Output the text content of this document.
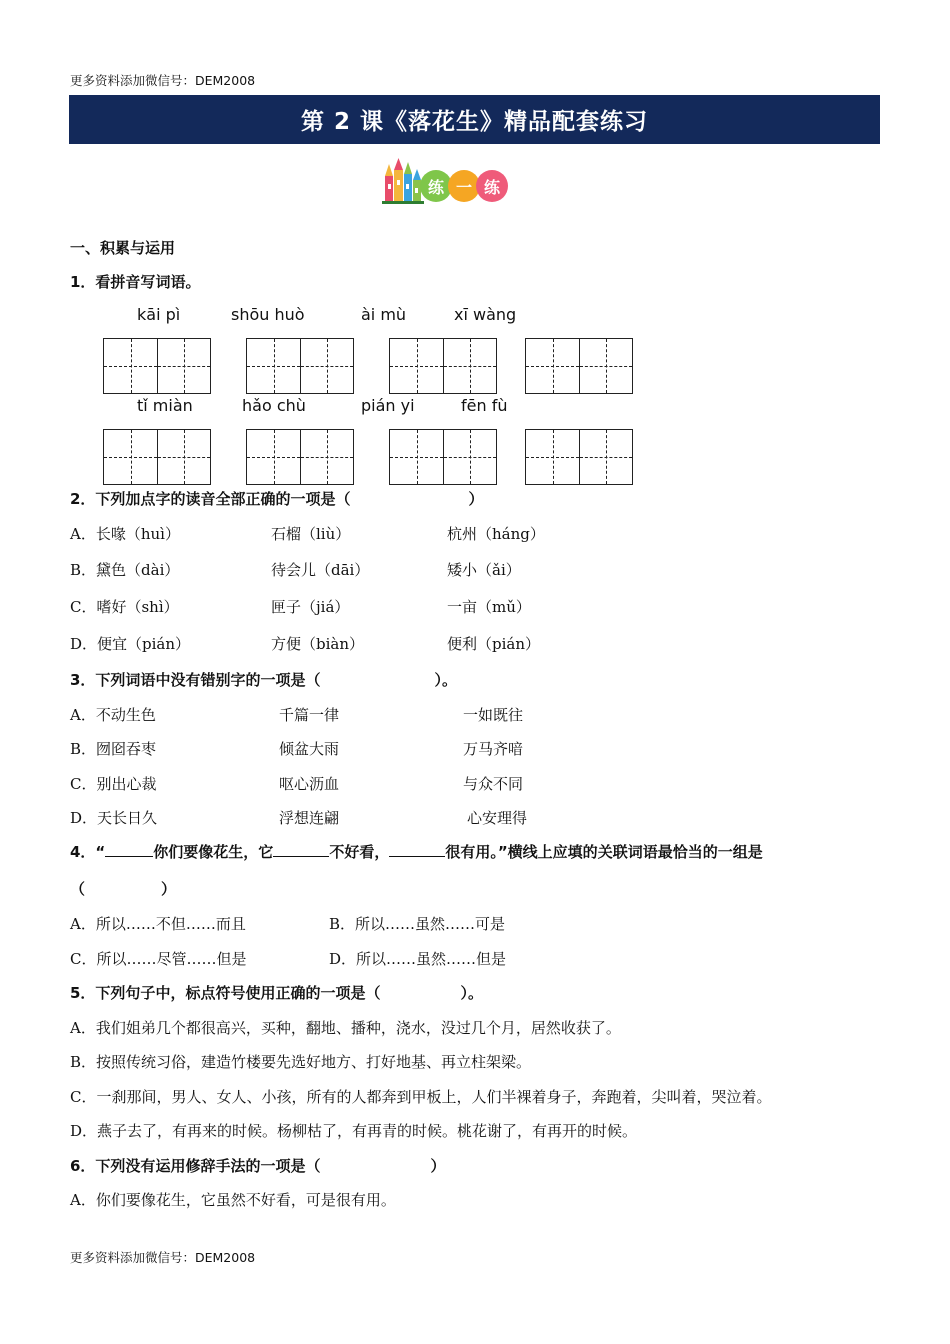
更多资料添加微信号：DEM2008
第 2 课《落花生》精品配套练习
练 一 练
一、积累与运用
1．看拼音写词语。
kāi pì	shōu huò	ài mù	xī wàng
tǐ miàn	hǎo chù	pián yi	fēn fù
2．下列加点字的读音全部正确的一项是（	）
A．长喙（huì）	石榴（liù）	杭州（háng）
B．黛色（dài）	待会儿（dāi）	矮小（ǎi）
C．嗜好（shì）	匣子（jiá）	一亩（mǔ）
D．便宜（pián）	方便（biàn）	便利（pián）
3．下列词语中没有错别字的一项是（	）。
A．不动生色	千篇一律	一如既往
B．囫囵吞枣	倾盆大雨	万马齐喑
C．别出心裁	呕心沥血	与众不同
D．天长日久	浮想连翩	心安理得
4．“	你们要像花生，它	不好看，	很有用。”横线上应填的关联词语最恰当的一组是
（	）
A．所以……不但……而且	B．所以……虽然……可是
C．所以……尽管……但是	D．所以……虽然……但是
5．下列句子中，标点符号使用正确的一项是（	）。
A．我们姐弟几个都很高兴，买种，翻地、播种，浇水，没过几个月，居然收获了。
B．按照传统习俗，建造竹楼要先选好地方、打好地基、再立柱架梁。
C．一刹那间，男人、女人、小孩，所有的人都奔到甲板上，人们半裸着身子，奔跑着，尖叫着，哭泣着。
D．燕子去了，有再来的时候。杨柳枯了，有再青的时候。桃花谢了，有再开的时候。
6．下列没有运用修辞手法的一项是（	）
A．你们要像花生，它虽然不好看，可是很有用。
更多资料添加微信号：DEM2008
